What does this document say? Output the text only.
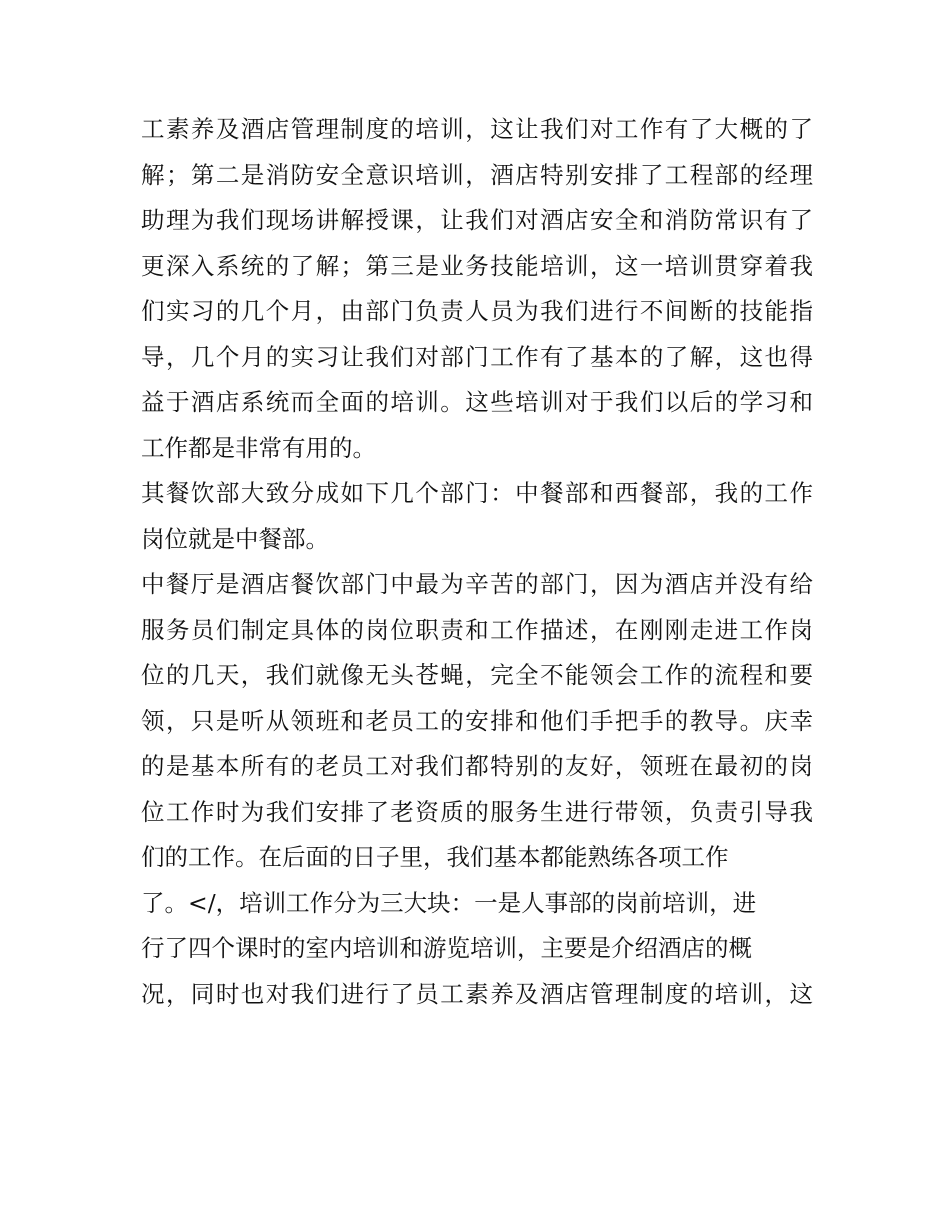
工素养及酒店管理制度的培训，这让我们对工作有了大概的了
解；第二是消防安全意识培训，酒店特别安排了工程部的经理
助理为我们现场讲解授课，让我们对酒店安全和消防常识有了
更深入系统的了解；第三是业务技能培训，这一培训贯穿着我
们实习的几个月，由部门负责人员为我们进行不间断的技能指
导，几个月的实习让我们对部门工作有了基本的了解，这也得
益于酒店系统而全面的培训。这些培训对于我们以后的学习和
工作都是非常有用的。
其餐饮部大致分成如下几个部门：中餐部和西餐部，我的工作
岗位就是中餐部。
中餐厅是酒店餐饮部门中最为辛苦的部门，因为酒店并没有给
服务员们制定具体的岗位职责和工作描述，在刚刚走进工作岗
位的几天，我们就像无头苍蝇，完全不能领会工作的流程和要
领，只是听从领班和老员工的安排和他们手把手的教导。庆幸
的是基本所有的老员工对我们都特别的友好，领班在最初的岗
位工作时为我们安排了老资质的服务生进行带领，负责引导我
们的工作。在后面的日子里，我们基本都能熟练各项工作
了。</，培训工作分为三大块：一是人事部的岗前培训，进
行了四个课时的室内培训和游览培训，主要是介绍酒店的概
况，同时也对我们进行了员工素养及酒店管理制度的培训，这
